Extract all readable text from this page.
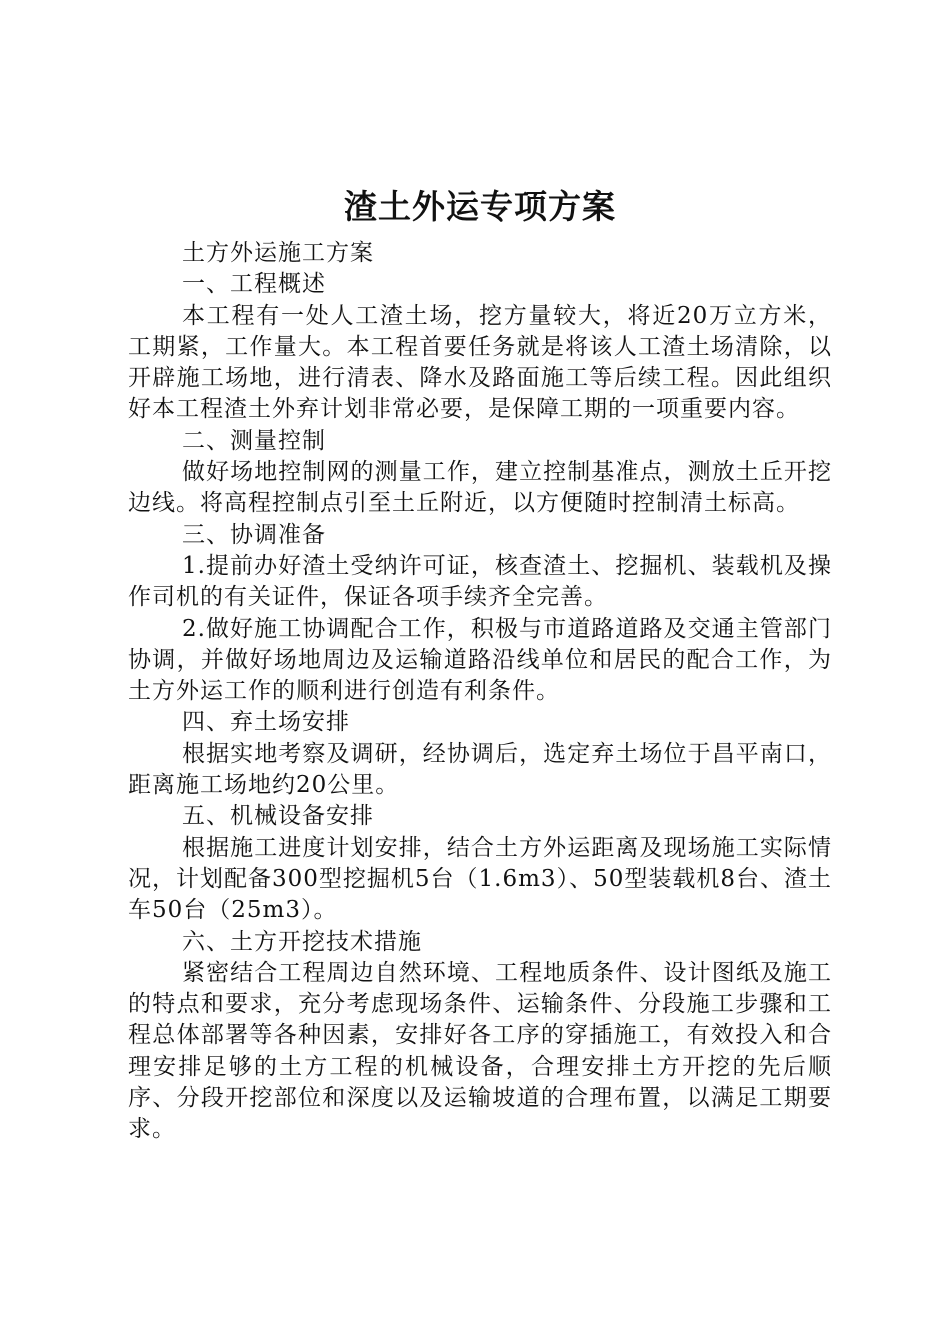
渣土外运专项方案

土方外运施工方案

一、工程概述

本工程有一处人工渣土场，挖方量较大，将近20万立方米，工期紧，工作量大。本工程首要任务就是将该人工渣土场清除，以开辟施工场地，进行清表、降水及路面施工等后续工程。因此组织好本工程渣土外弃计划非常必要，是保障工期的一项重要内容。

二、测量控制

做好场地控制网的测量工作，建立控制基准点，测放土丘开挖边线。将高程控制点引至土丘附近，以方便随时控制清土标高。

三、协调准备

1.提前办好渣土受纳许可证，核查渣土、挖掘机、装载机及操作司机的有关证件，保证各项手续齐全完善。

2.做好施工协调配合工作，积极与市道路道路及交通主管部门协调，并做好场地周边及运输道路沿线单位和居民的配合工作，为土方外运工作的顺利进行创造有利条件。

四、弃土场安排

根据实地考察及调研，经协调后，选定弃土场位于昌平南口，距离施工场地约20公里。

五、机械设备安排

根据施工进度计划安排，结合土方外运距离及现场施工实际情况，计划配备300型挖掘机5台（1.6m3）、50型装载机8台、渣土车50台（25m3）。

六、土方开挖技术措施

紧密结合工程周边自然环境、工程地质条件、设计图纸及施工的特点和要求，充分考虑现场条件、运输条件、分段施工步骤和工程总体部署等各种因素，安排好各工序的穿插施工，有效投入和合理安排足够的土方工程的机械设备，合理安排土方开挖的先后顺序、分段开挖部位和深度以及运输坡道的合理布置，以满足工期要求。
